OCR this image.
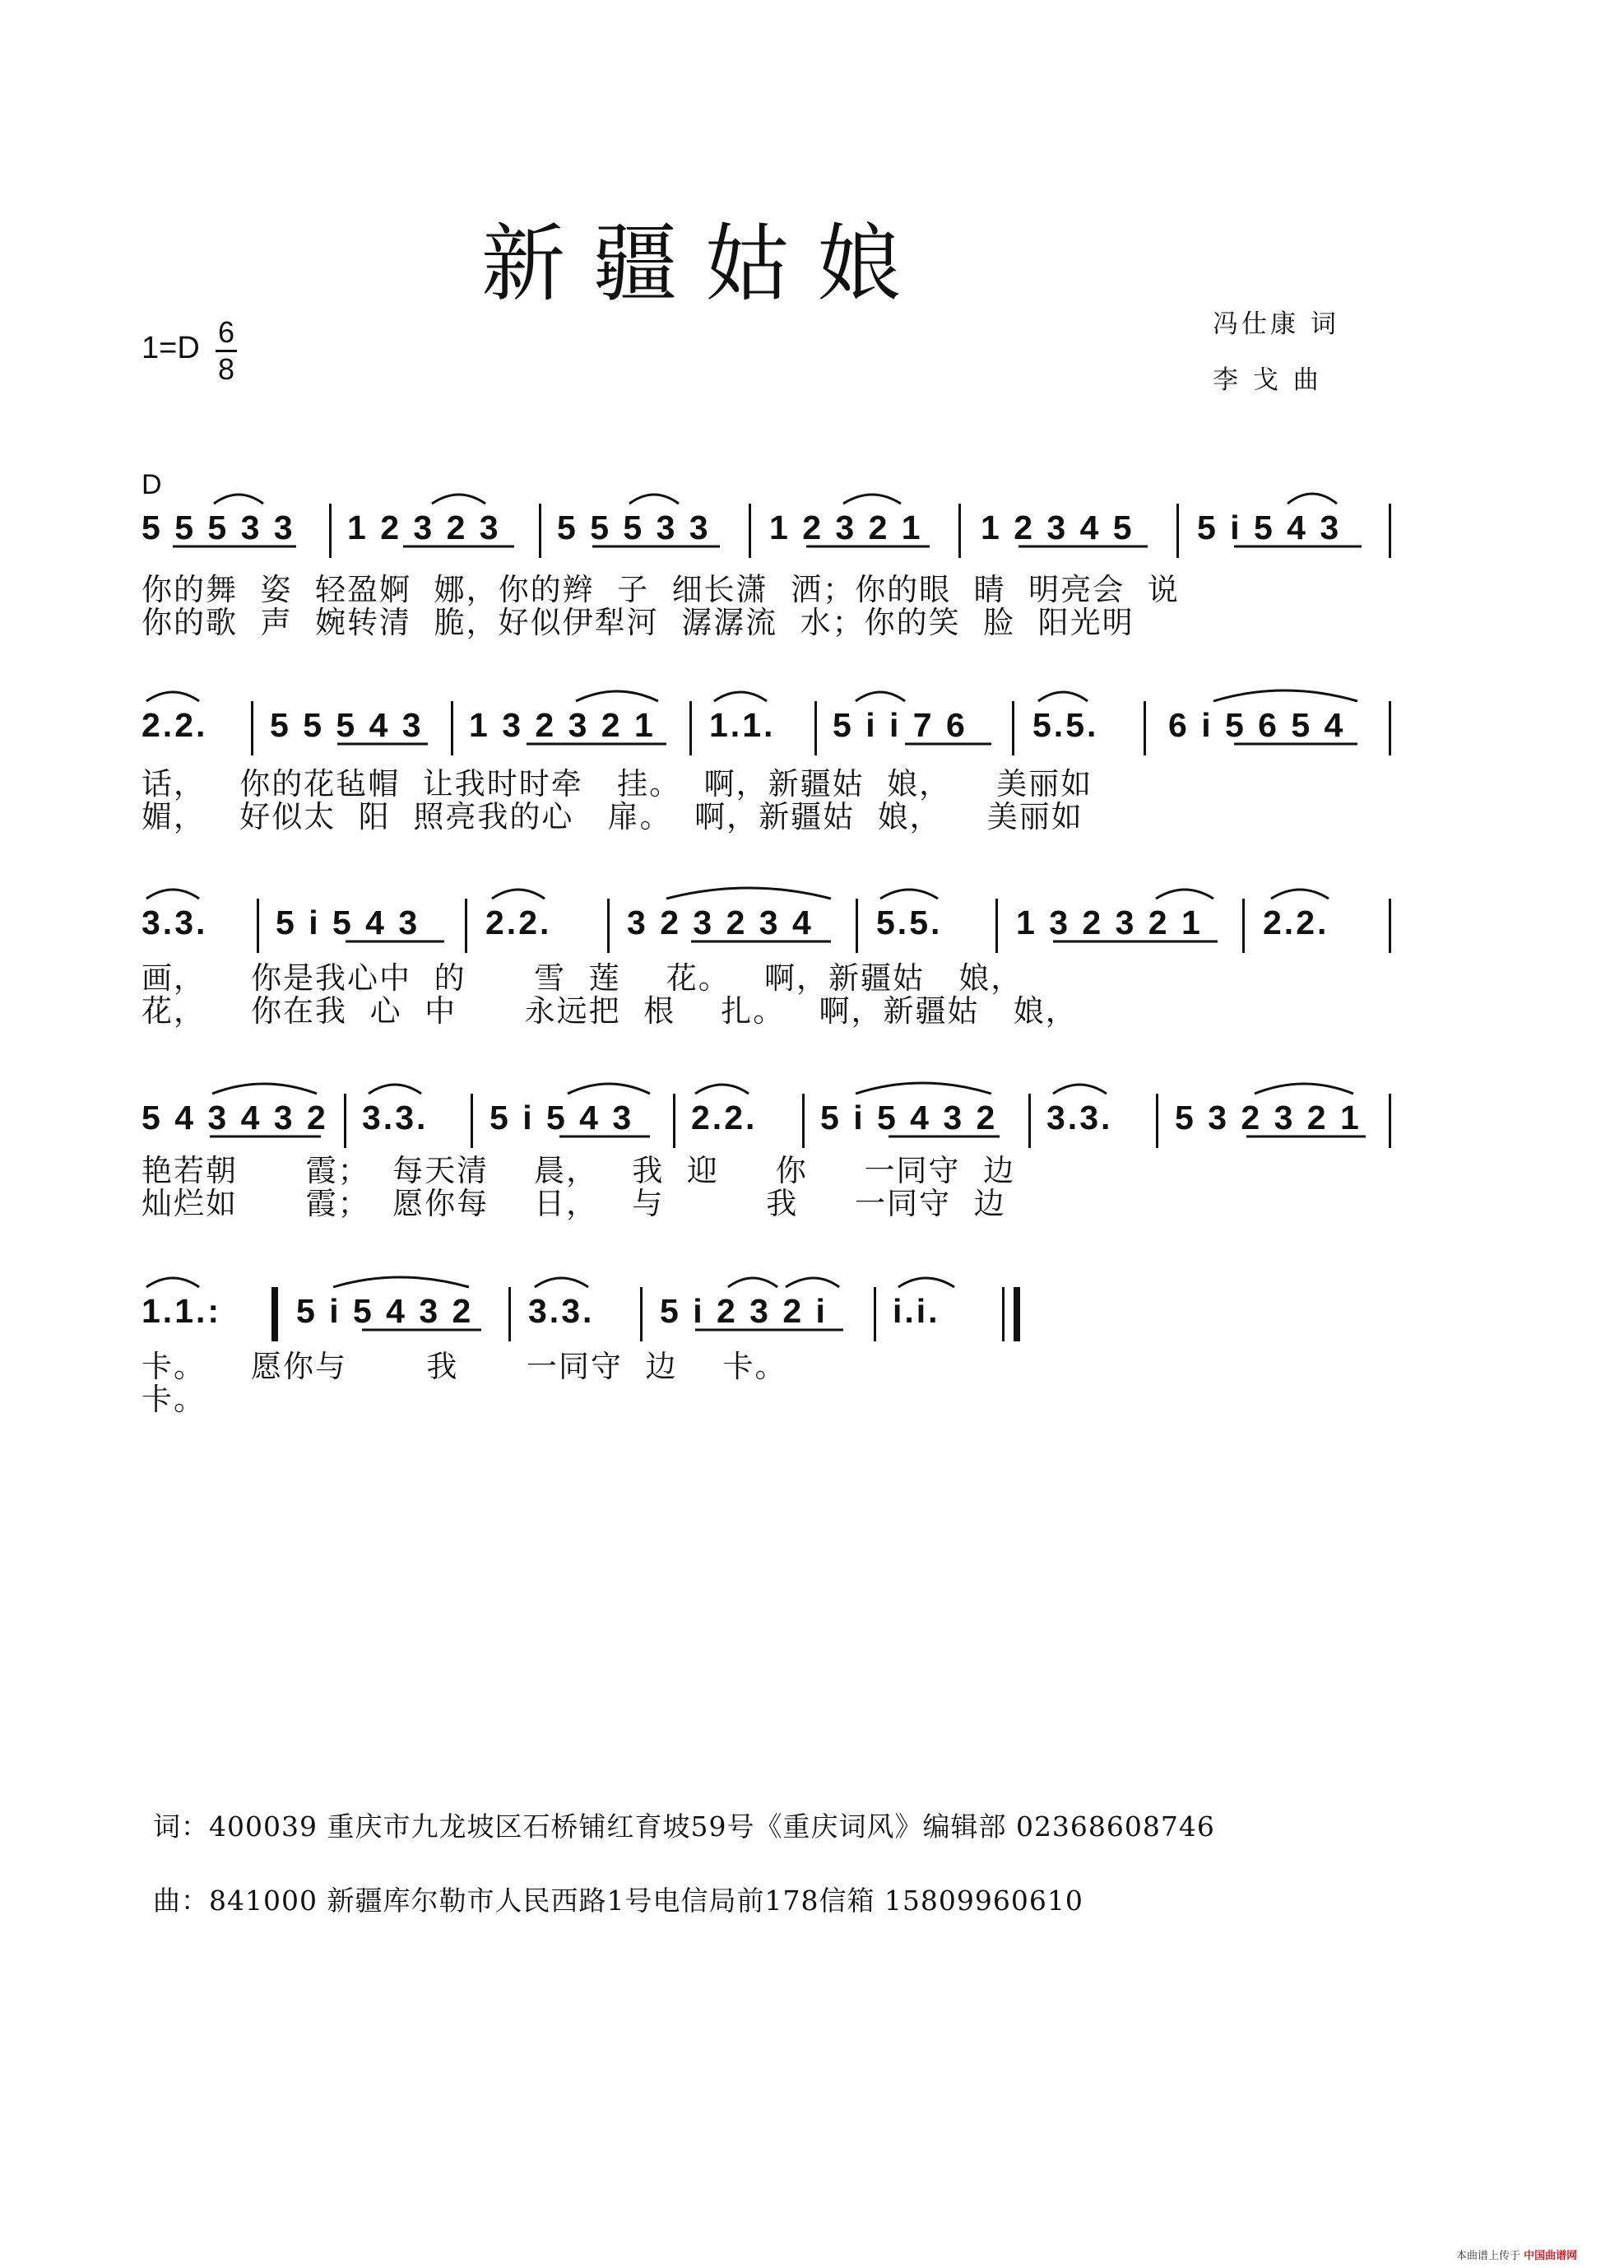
新疆姑娘
冯仕康 词
李 戈 曲
1=D 6
8
D
5 5 5 3 3 1 2 3 2 3 5 5 5 3 3 1 2 3 2 1 1 2 3 4 5 5 i 5 4 3
你的舞  姿  轻盈婀  娜，你的辫  子  细长潇  洒；你的眼  睛  明亮会  说
你的歌  声  婉转清  脆，好似伊犁河  潺潺流  水；你的笑  脸  阳光明
2.2. 5 5 5 4 3 1 3 2 3 2 1 1.1. 5 i i 7 6 5.5. 6 i 5 6 5 4
话，   你的花毡帽  让我时时牵   挂。  啊，新疆姑  娘，    美丽如
媚，   好似太  阳  照亮我的心   扉。  啊，新疆姑  娘，    美丽如
3.3. 5 i 5 4 3 2.2. 3 2 3 2 3 4 5.5. 1 3 2 3 2 1 2.2.
画，    你是我心中  的      雪  莲    花。   啊，新疆姑   娘，
花，    你在我  心  中      永远把  根    扎。   啊，新疆姑   娘，
5 4 3 4 3 2 3.3. 5 i 5 4 3 2.2. 5 i 5 4 3 2 3.3. 5 3 2 3 2 1
艳若朝      霞；  每天清    晨，   我  迎     你     一同守  边
灿烂如      霞；  愿你每    日，   与         我     一同守  边
1.1.: 5 i 5 4 3 2 3.3. 5 i 2 3 2 i i.i.
卡。    愿你与       我      一同守  边    卡。
卡。
词：400039 重庆市九龙坡区石桥铺红育坡59号《重庆词风》编辑部 02368608746
曲：841000 新疆库尔勒市人民西路1号电信局前178信箱 15809960610
本曲谱上传于 中国曲谱网
